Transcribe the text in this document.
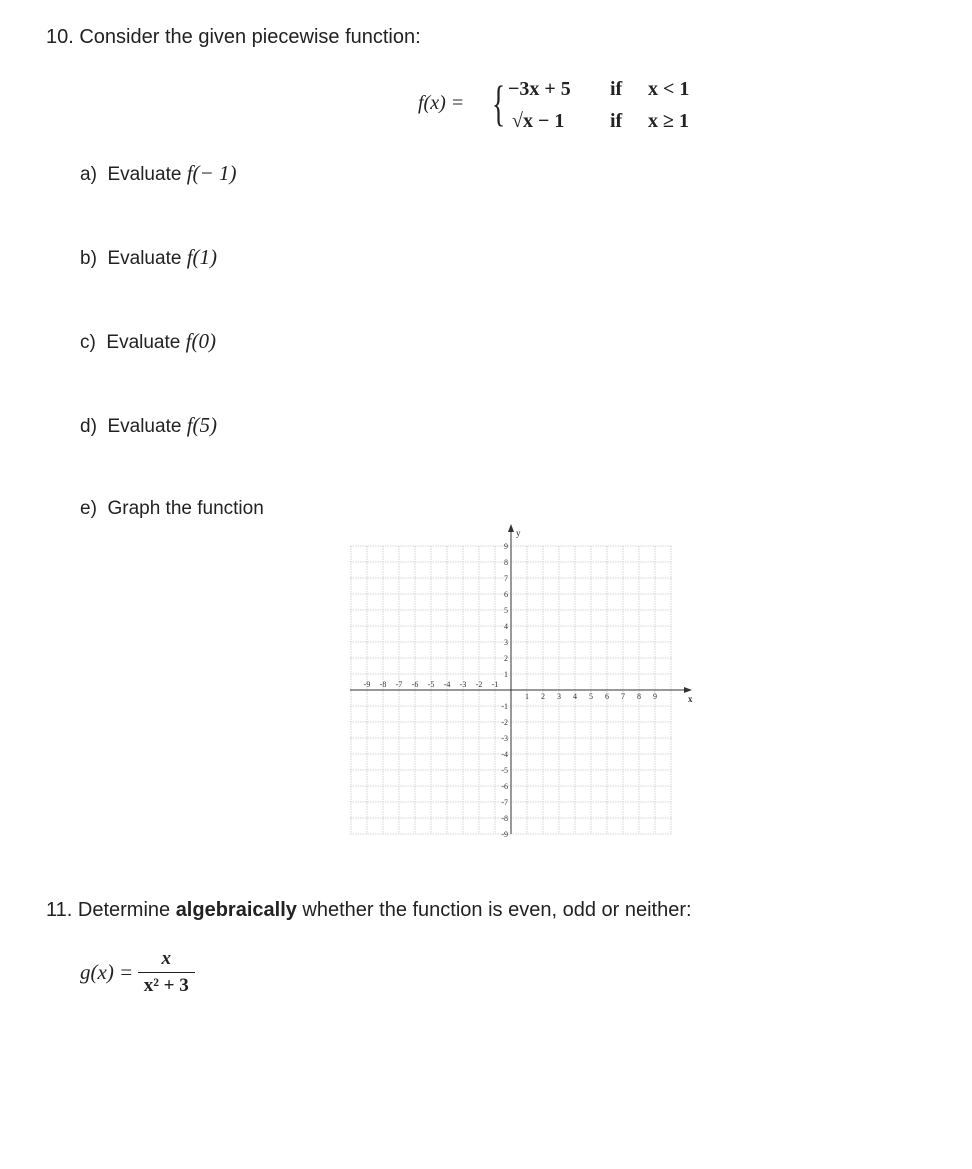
10. Consider the given piecewise function:
f(x) = { −3x + 5 if x < 1
√x − 1 if x ≥ 1
a) Evaluate f(− 1)
b) Evaluate f(1)
c) Evaluate f(0)
d) Evaluate f(5)
e) Graph the function
-9 -8 -7 -6 -5 -4 -3 -2 -1
1 2 3 4 5 6 7 8 9
9
8
7
6
5
4
3
2
1
-1
-2
-3
-4
-5
-6
-7
-8
-9
x
y
11. Determine algebraically whether the function is even, odd or neither:
$g(x) = \frac{x}{\text{x² + 3}}$
